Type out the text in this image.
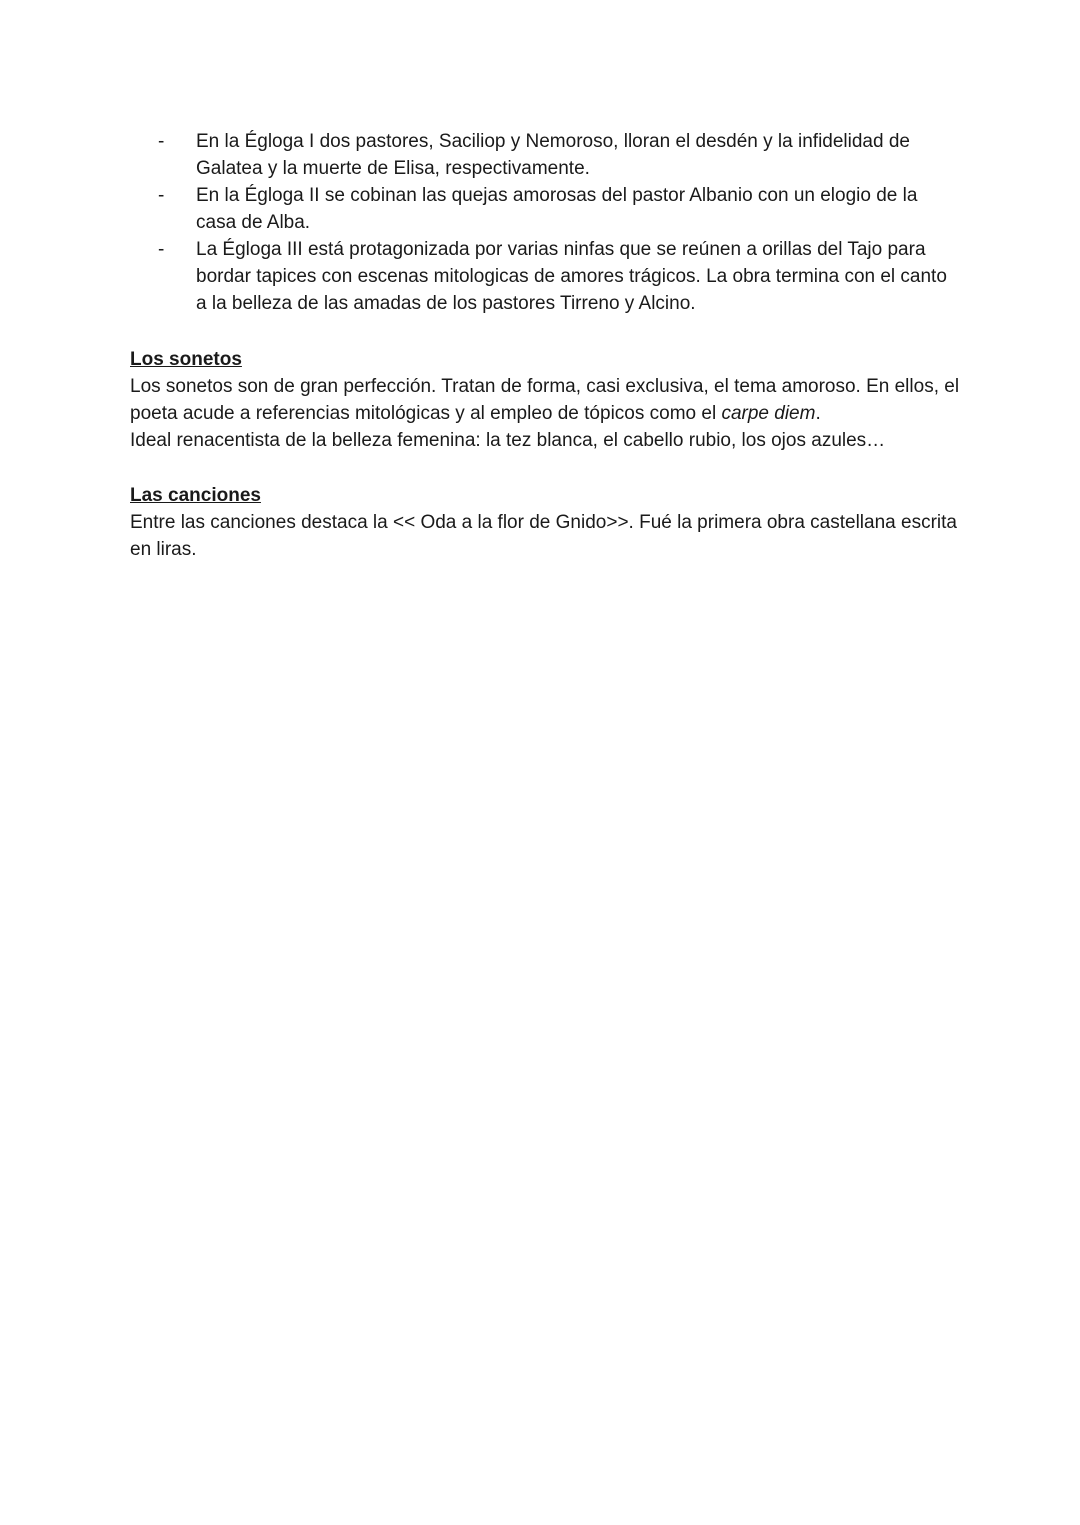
- En la Égloga I dos pastores, Saciliop y Nemoroso, lloran el desdén y la infidelidad de Galatea y la muerte de Elisa, respectivamente.
- En la Égloga II se cobinan las quejas amorosas del pastor Albanio con un elogio de la casa de Alba.
- La Égloga III está protagonizada por varias ninfas que se reúnen a orillas del Tajo para bordar tapices con escenas mitologicas de amores trágicos. La obra termina con el canto a la belleza de las amadas de los pastores Tirreno y Alcino.
Los sonetos
Los sonetos son de gran perfección. Tratan de forma, casi exclusiva, el tema amoroso. En ellos, el poeta acude a referencias mitológicas y al empleo de tópicos como el carpe diem.
Ideal renacentista de la belleza femenina: la tez blanca, el cabello rubio, los ojos azules…
Las canciones
Entre las canciones destaca la << Oda a la flor de Gnido>>. Fué la primera obra castellana escrita en liras.
